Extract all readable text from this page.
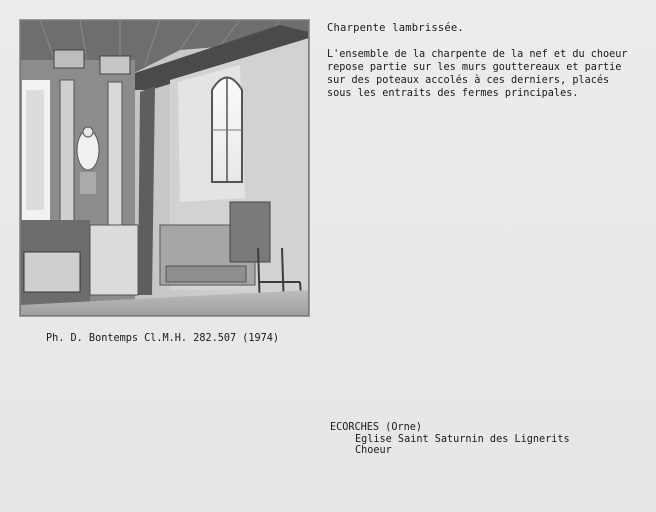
Charpente lambrissée.
L'ensemble de la charpente de la nef et du choeur
repose partie sur les murs gouttereaux et partie
sur des poteaux accolés à ces derniers, placés
sous les entraits des fermes principales.
Ph. D. Bontemps Cl.M.H. 282.507 (1974)
ECORCHES (Orne)
Eglise Saint Saturnin des Lignerits
Choeur
